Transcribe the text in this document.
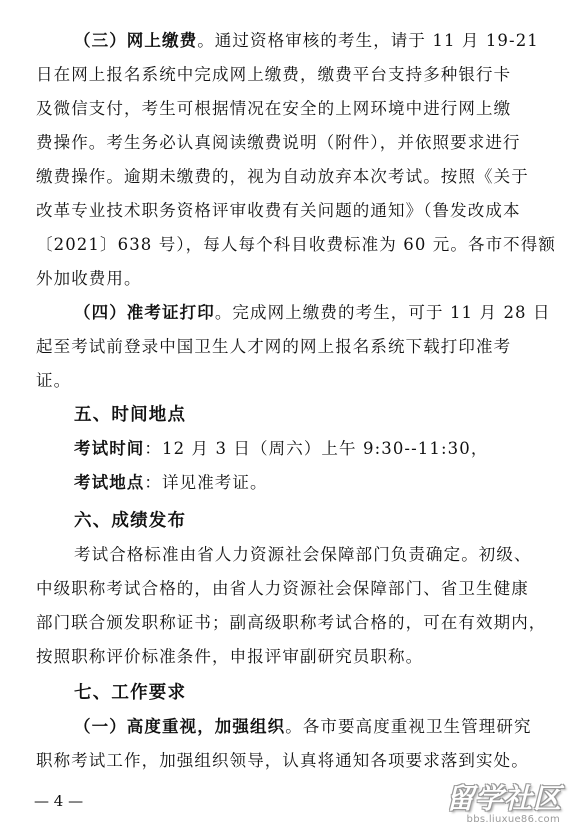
（三）网上缴费。通过资格审核的考生，请于 11 月 19-21
日在网上报名系统中完成网上缴费，缴费平台支持多种银行卡
及微信支付，考生可根据情况在安全的上网环境中进行网上缴
费操作。考生务必认真阅读缴费说明（附件），并依照要求进行
缴费操作。逾期未缴费的，视为自动放弃本次考试。按照《关于
改革专业技术职务资格评审收费有关问题的通知》（鲁发改成本
〔2021〕638 号），每人每个科目收费标准为 60 元。各市不得额
外加收费用。
（四）准考证打印。完成网上缴费的考生，可于 11 月 28 日
起至考试前登录中国卫生人才网的网上报名系统下载打印准考
证。
五、时间地点
考试时间：12 月 3 日（周六）上午 9:30--11:30，
考试地点：详见准考证。
六、成绩发布
考试合格标准由省人力资源社会保障部门负责确定。初级、
中级职称考试合格的，由省人力资源社会保障部门、省卫生健康
部门联合颁发职称证书；副高级职称考试合格的，可在有效期内，
按照职称评价标准条件，申报评审副研究员职称。
七、工作要求
（一）高度重视，加强组织。各市要高度重视卫生管理研究
职称考试工作，加强组织领导，认真将通知各项要求落到实处。
— 4 —	留学社区
bbs.liuxue86.com
